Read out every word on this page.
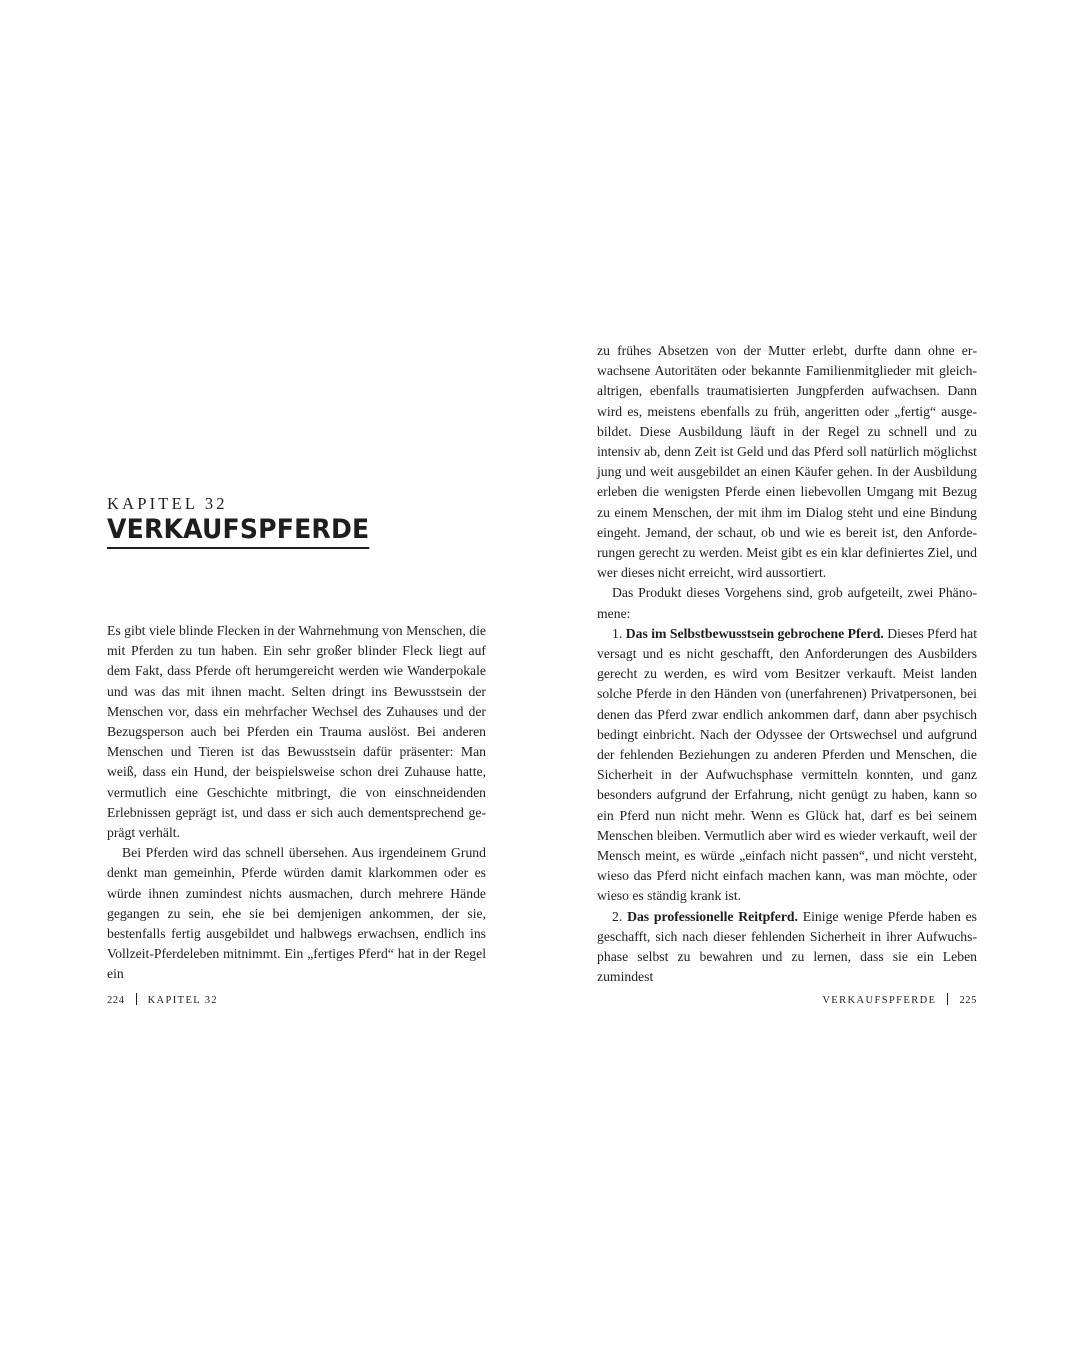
KAPITEL 32

VERKAUFSPFERDE

Es gibt viele blinde Flecken in der Wahrnehmung von Menschen, die mit Pferden zu tun haben. Ein sehr großer blinder Fleck liegt auf dem Fakt, dass Pferde oft herumgereicht werden wie Wanderpokale und was das mit ihnen macht. Selten dringt ins Bewusstsein der Menschen vor, dass ein mehrfacher Wechsel des Zuhauses und der Bezugsperson auch bei Pferden ein Trauma auslöst. Bei anderen Menschen und Tieren ist das Bewusstsein dafür präsenter: Man weiß, dass ein Hund, der beispielsweise schon drei Zuhause hatte, vermutlich eine Geschichte mitbringt, die von einschneidenden Erlebnissen geprägt ist, und dass er sich auch dementsprechend geprägt verhält.

Bei Pferden wird das schnell übersehen. Aus irgendeinem Grund denkt man gemeinhin, Pferde würden damit klarkommen oder es würde ihnen zumindest nichts ausmachen, durch mehrere Hände gegangen zu sein, ehe sie bei demjenigen ankommen, der sie, bestenfalls fertig ausgebildet und halbwegs erwachsen, endlich ins Vollzeit-Pferdeleben mitnimmt. Ein „fertiges Pferd“ hat in der Regel ein

224 KAPITEL 32

zu frühes Absetzen von der Mutter erlebt, durfte dann ohne erwachsene Autoritäten oder bekannte Familienmitglieder mit gleichaltrigen, ebenfalls traumatisierten Jungpferden aufwachsen. Dann wird es, meistens ebenfalls zu früh, angeritten oder „fertig“ ausgebildet. Diese Ausbildung läuft in der Regel zu schnell und zu intensiv ab, denn Zeit ist Geld und das Pferd soll natürlich möglichst jung und weit ausgebildet an einen Käufer gehen. In der Ausbildung erleben die wenigsten Pferde einen liebevollen Umgang mit Bezug zu einem Menschen, der mit ihm im Dialog steht und eine Bindung eingeht. Jemand, der schaut, ob und wie es bereit ist, den Anforderungen gerecht zu werden. Meist gibt es ein klar definiertes Ziel, und wer dieses nicht erreicht, wird aussortiert.

Das Produkt dieses Vorgehens sind, grob aufgeteilt, zwei Phänomene:

1. Das im Selbstbewusstsein gebrochene Pferd. Dieses Pferd hat versagt und es nicht geschafft, den Anforderungen des Ausbilders gerecht zu werden, es wird vom Besitzer verkauft. Meist landen solche Pferde in den Händen von (unerfahrenen) Privatpersonen, bei denen das Pferd zwar endlich ankommen darf, dann aber psychisch bedingt einbricht. Nach der Odyssee der Ortswechsel und aufgrund der fehlenden Beziehungen zu anderen Pferden und Menschen, die Sicherheit in der Aufwuchsphase vermitteln konnten, und ganz besonders aufgrund der Erfahrung, nicht genügt zu haben, kann so ein Pferd nun nicht mehr. Wenn es Glück hat, darf es bei seinem Menschen bleiben. Vermutlich aber wird es wieder verkauft, weil der Mensch meint, es würde „einfach nicht passen“, und nicht versteht, wieso das Pferd nicht einfach machen kann, was man möchte, oder wieso es ständig krank ist.

2. Das professionelle Reitpferd. Einige wenige Pferde haben es geschafft, sich nach dieser fehlenden Sicherheit in ihrer Aufwuchsphase selbst zu bewahren und zu lernen, dass sie ein Leben zumindest

VERKAUFSPFERDE 225
